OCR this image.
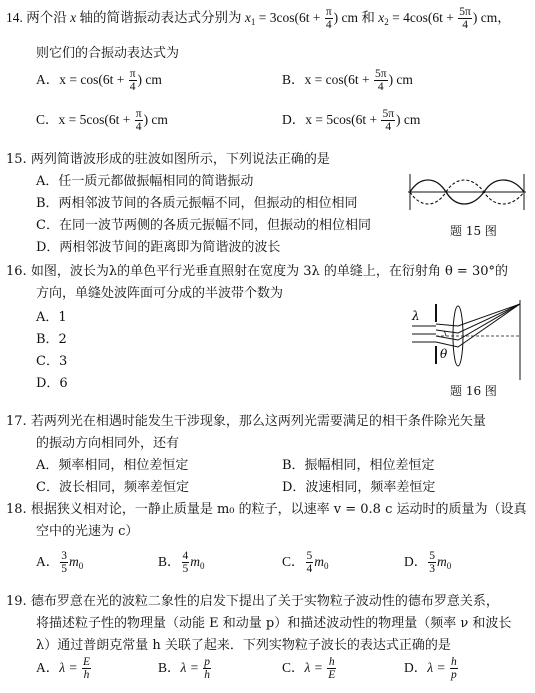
14. 两个沿 x 轴的简谐振动表达式分别为 $x_1 = 3\cos(6t + \frac{\pi}{4}$ ) cm 和 $x_2 = 4\cos(6t + \frac{5\pi}{4}$ ) cm，
则它们的合振动表达式为
A．$x = \cos(6t + \frac{\pi}{4}$ ) cm	B．$x = \cos(6t + \frac{5\pi}{4}$ ) cm
C．$x = 5\cos(6t + \frac{\pi}{4}$ ) cm	D．$x = 5\cos(6t + \frac{5\pi}{4}$ ) cm
15. 两列简谐波形成的驻波如图所示，下列说法正确的是
A．任一质元都做振幅相同的简谐振动
B．两相邻波节间的各质元振幅不同，但振动的相位相同
C．在同一波节两侧的各质元振幅不同，但振动的相位相同
D．两相邻波节间的距离即为简谐波的波长
题 15 图
16. 如图，波长为λ的单色平行光垂直照射在宽度为 3λ 的单缝上，在衍射角 θ = 30°的
方向，单缝处波阵面可分成的半波带个数为
A．1
B．2
C．3
D．6
λ
θ
题 16 图
17. 若两列光在相遇时能发生干涉现象，那么这两列光需要满足的相干条件除光矢量
的振动方向相同外，还有
A．频率相同，相位差恒定	B．振幅相同，相位差恒定
C．波长相同，频率差恒定	D．波速相同，频率差恒定
18. 根据狭义相对论，一静止质量是 m₀ 的粒子，以速率 v = 0.8 c 运动时的质量为（设真
空中的光速为 c）
A． $\frac{3}{5} m_0$	B． $\frac{4}{5} m_0$	C． $\frac{5}{4} m_0$	D． $\frac{5}{3} m_0$
19. 德布罗意在光的波粒二象性的启发下提出了关于实物粒子波动性的德布罗意关系，
将描述粒子性的物理量（动能 E 和动量 p）和描述波动性的物理量（频率 ν 和波长
λ）通过普朗克常量 h 关联了起来．下列实物粒子波长的表达式正确的是
A．$\lambda = \frac{E}{h}$	B．$\lambda = \frac{p}{h}$	C．$\lambda = \frac{h}{E}$	D．$\lambda = \frac{h}{p}$
